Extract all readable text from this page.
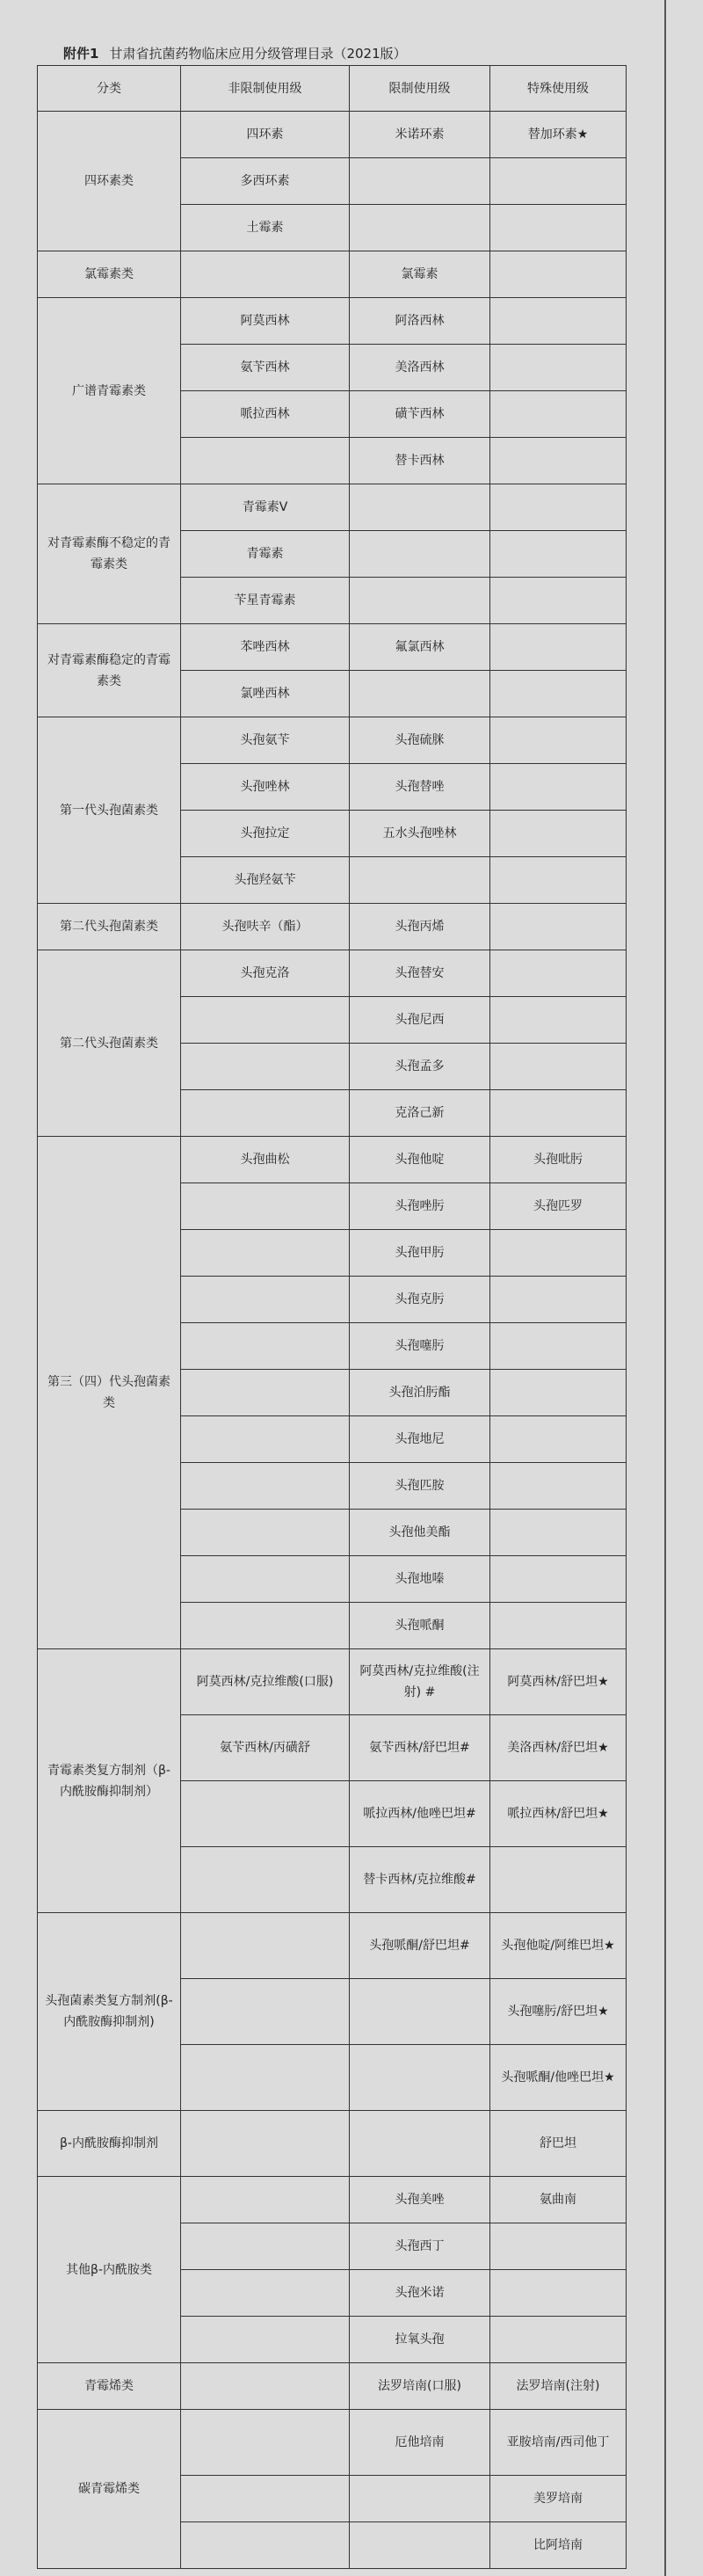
附件1 甘肃省抗菌药物临床应用分级管理目录（2021版）
分类	非限制使用级	限制使用级	特殊使用级
四环素类	四环素	米诺环素	替加环素★
	多西环素		
	土霉素		
氯霉素类		氯霉素	
广谱青霉素类	阿莫西林	阿洛西林	
	氨苄西林	美洛西林	
	哌拉西林	磺苄西林	
		替卡西林	
对青霉素酶不稳定的青霉素类	青霉素V		
	青霉素		
	苄星青霉素		
对青霉素酶稳定的青霉素类	苯唑西林	氟氯西林	
	氯唑西林		
第一代头孢菌素类	头孢氨苄	头孢硫脒	
	头孢唑林	头孢替唑	
	头孢拉定	五水头孢唑林	
	头孢羟氨苄		
第二代头孢菌素类	头孢呋辛（酯）	头孢丙烯	
第二代头孢菌素类	头孢克洛	头孢替安	
		头孢尼西	
		头孢孟多	
		克洛己新	
第三（四）代头孢菌素类	头孢曲松	头孢他啶	头孢吡肟
		头孢唑肟	头孢匹罗
		头孢甲肟	
		头孢克肟	
		头孢噻肟	
		头孢泊肟酯	
		头孢地尼	
		头孢匹胺	
		头孢他美酯	
		头孢地嗪	
		头孢哌酮	
青霉素类复方制剂（β-内酰胺酶抑制剂）	阿莫西林/克拉维酸(口服)	阿莫西林/克拉维酸(注射) #	阿莫西林/舒巴坦★
	氨苄西林/丙磺舒	氨苄西林/舒巴坦#	美洛西林/舒巴坦★
		哌拉西林/他唑巴坦#	哌拉西林/舒巴坦★
		替卡西林/克拉维酸#	
头孢菌素类复方制剂(β-内酰胺酶抑制剂)		头孢哌酮/舒巴坦#	头孢他啶/阿维巴坦★
			头孢噻肟/舒巴坦★
			头孢哌酮/他唑巴坦★
β-内酰胺酶抑制剂			舒巴坦
其他β-内酰胺类		头孢美唑	氨曲南
		头孢西丁	
		头孢米诺	
		拉氧头孢	
青霉烯类		法罗培南(口服)	法罗培南(注射)
碳青霉烯类		厄他培南	亚胺培南/西司他丁
			美罗培南
			比阿培南
